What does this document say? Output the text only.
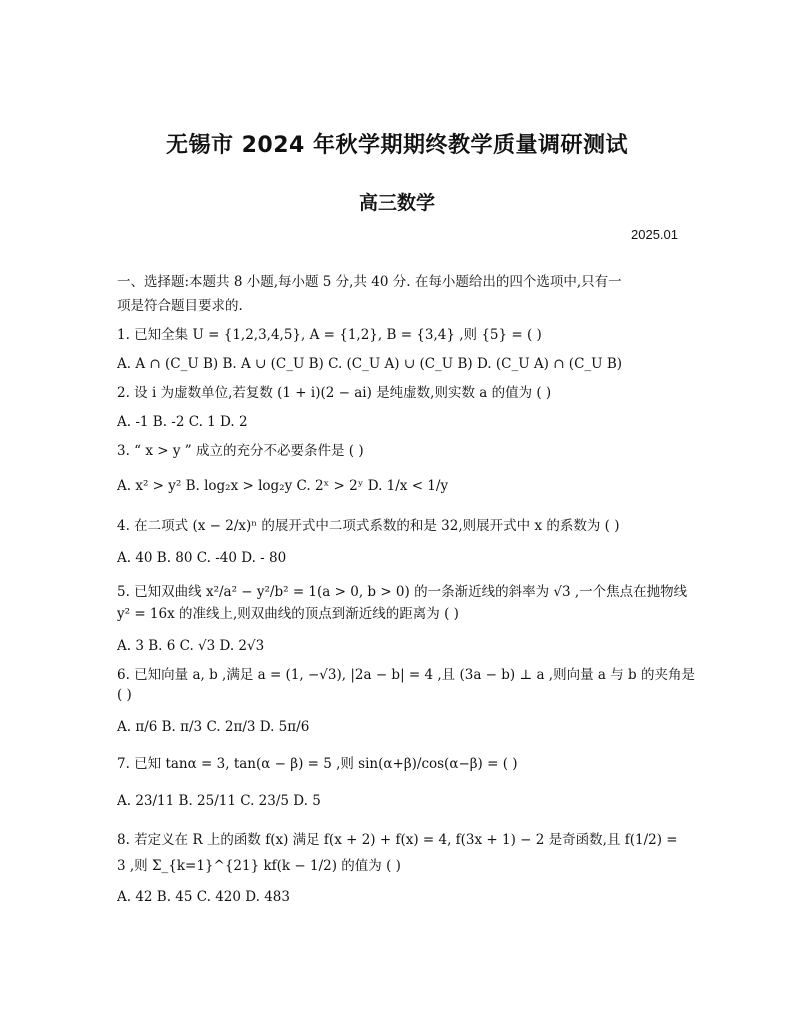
无锡市 2024 年秋学期期终教学质量调研测试
高三数学
2025.01
一、选择题:本题共 8 小题,每小题 5 分,共 40 分. 在每小题给出的四个选项中,只有一
项是符合题目要求的.
1. 已知全集 U = {1,2,3,4,5}, A = {1,2}, B = {3,4} ,则 {5} = ( )
A. A ∩ (C_U B) B. A ∪ (C_U B) C. (C_U A) ∪ (C_U B) D. (C_U A) ∩ (C_U B)
2. 设 i 为虚数单位,若复数 (1 + i)(2 − ai) 是纯虚数,则实数 a 的值为 ( )
A. -1 B. -2 C. 1 D. 2
3. “ x > y ” 成立的充分不必要条件是 ( )
A. x² > y² B. log₂x > log₂y C. 2ˣ > 2ʸ D. 1/x < 1/y
4. 在二项式 (x − 2/x)ⁿ 的展开式中二项式系数的和是 32,则展开式中 x 的系数为 ( )
A. 40 B. 80 C. -40 D. - 80
5. 已知双曲线 x²/a² − y²/b² = 1(a > 0, b > 0) 的一条渐近线的斜率为 √3 ,一个焦点在抛物线
y² = 16x 的准线上,则双曲线的顶点到渐近线的距离为 ( )
A. 3 B. 6 C. √3 D. 2√3
6. 已知向量 a, b ,满足 a = (1, −√3), |2a − b| = 4 ,且 (3a − b) ⊥ a ,则向量 a 与 b 的夹角是
( )
A. π/6 B. π/3 C. 2π/3 D. 5π/6
7. 已知 tanα = 3, tan(α − β) = 5 ,则 sin(α+β)/cos(α−β) = ( )
A. 23/11 B. 25/11 C. 23/5 D. 5
8. 若定义在 R 上的函数 f(x) 满足 f(x + 2) + f(x) = 4, f(3x + 1) − 2 是奇函数,且 f(1/2) =
3 ,则 Σ_{k=1}^{21} kf(k − 1/2) 的值为 ( )
A. 42 B. 45 C. 420 D. 483
